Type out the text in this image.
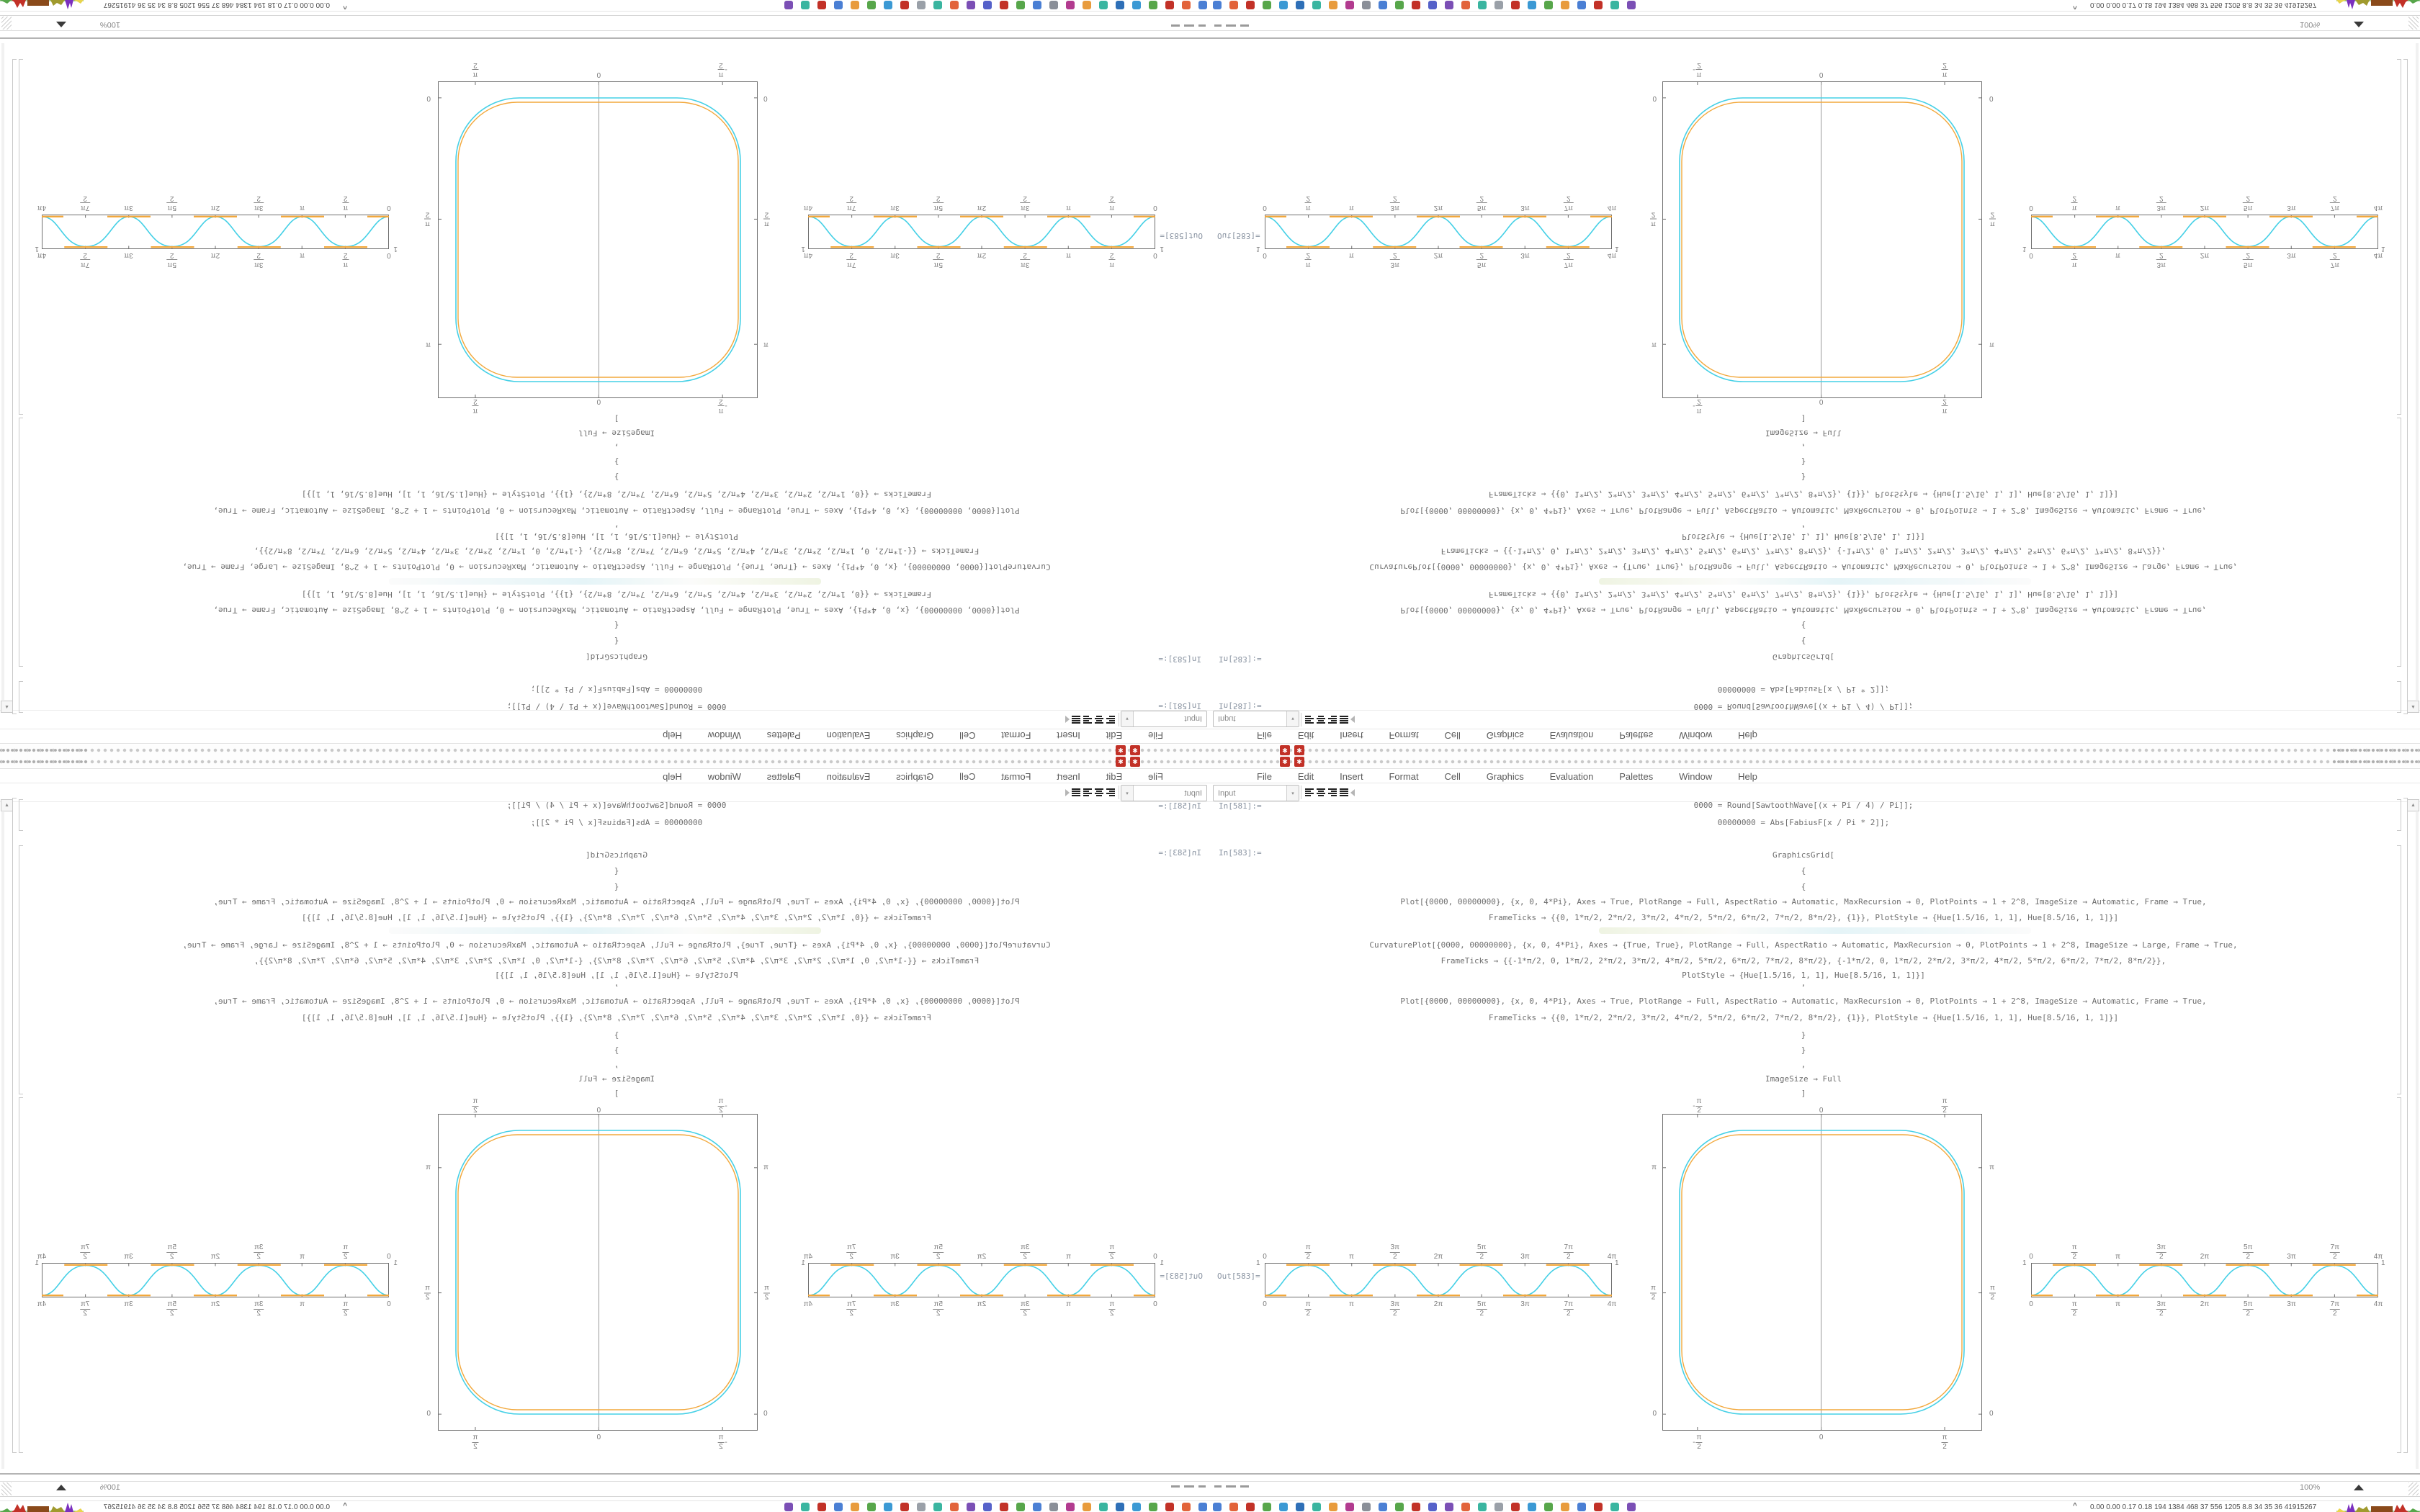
✱	✱
File	Edit	Insert	Format	Cell	Graphics	Evaluation	Palettes	Window	Help
Input	▾
In[581]:=	0000 = Round[SawtoothWave[(x + Pi / 4) / Pi]];
00000000 = Abs[FabiusF[x / Pi * 2]];
In[583]:=	GraphicsGrid[
{
{
Plot[{0000, 00000000}, {x, 0, 4*Pi}, Axes → True, PlotRange → Full, AspectRatio → Automatic, MaxRecursion → 0, PlotPoints → 1 + 2^8, ImageSize → Automatic, Frame → True,
FrameTicks → {{0, 1*π/2, 2*π/2, 3*π/2, 4*π/2, 5*π/2, 6*π/2, 7*π/2, 8*π/2}, {1}}, PlotStyle → {Hue[1.5/16, 1, 1], Hue[8.5/16, 1, 1]}]
CurvaturePlot[{0000, 00000000}, {x, 0, 4*Pi}, Axes → {True, True}, PlotRange → Full, AspectRatio → Automatic, MaxRecursion → 0, PlotPoints → 1 + 2^8, ImageSize → Large, Frame → True,
FrameTicks → {{-1*π/2, 0, 1*π/2, 2*π/2, 3*π/2, 4*π/2, 5*π/2, 6*π/2, 7*π/2, 8*π/2}, {-1*π/2, 0, 1*π/2, 2*π/2, 3*π/2, 4*π/2, 5*π/2, 6*π/2, 7*π/2, 8*π/2}},
PlotStyle → {Hue[1.5/16, 1, 1], Hue[8.5/16, 1, 1]}]
,
Plot[{0000, 00000000}, {x, 0, 4*Pi}, Axes → True, PlotRange → Full, AspectRatio → Automatic, MaxRecursion → 0, PlotPoints → 1 + 2^8, ImageSize → Automatic, Frame → True,
FrameTicks → {{0, 1*π/2, 2*π/2, 3*π/2, 4*π/2, 5*π/2, 6*π/2, 7*π/2, 8*π/2}, {1}}, PlotStyle → {Hue[1.5/16, 1, 1], Hue[8.5/16, 1, 1]}]
}
}
,
ImageSize → Full
]
▲
Out[583]=
0	$\frac{\pi}{2}$	π	$\frac{3\pi}{2}$	2π	$\frac{5\pi}{2}$	3π	$\frac{7\pi}{2}$	4π
0	$\frac{\pi}{2}$	π	$\frac{3\pi}{2}$	2π	$\frac{5\pi}{2}$	3π	$\frac{7\pi}{2}$	4π
1	1
- $\frac{\pi}{2}$	0	$\frac{\pi}{2}$
- $\frac{\pi}{2}$	0	$\frac{\pi}{2}$
π
$\frac{\pi}{2}$
0
π
$\frac{\pi}{2}$
0
0	$\frac{\pi}{2}$	π	$\frac{3\pi}{2}$	2π	$\frac{5\pi}{2}$	3π	$\frac{7\pi}{2}$	4π
0	$\frac{\pi}{2}$	π	$\frac{3\pi}{2}$	2π	$\frac{5\pi}{2}$	3π	$\frac{7\pi}{2}$	4π
1	1
100%
^ 0.00 0.00 0.17 0.18 194 1384 468 37 556 1205 8.8 34 35 36 41915267
✱	✱
File	Edit	Insert	Format	Cell	Graphics	Evaluation	Palettes	Window	Help
Input	▾
In[581]:=	0000 = Round[SawtoothWave[(x + Pi / 4) / Pi]];
00000000 = Abs[FabiusF[x / Pi * 2]];
In[583]:=	GraphicsGrid[
{
{
Plot[{0000, 00000000}, {x, 0, 4*Pi}, Axes → True, PlotRange → Full, AspectRatio → Automatic, MaxRecursion → 0, PlotPoints → 1 + 2^8, ImageSize → Automatic, Frame → True,
FrameTicks → {{0, 1*π/2, 2*π/2, 3*π/2, 4*π/2, 5*π/2, 6*π/2, 7*π/2, 8*π/2}, {1}}, PlotStyle → {Hue[1.5/16, 1, 1], Hue[8.5/16, 1, 1]}]
CurvaturePlot[{0000, 00000000}, {x, 0, 4*Pi}, Axes → {True, True}, PlotRange → Full, AspectRatio → Automatic, MaxRecursion → 0, PlotPoints → 1 + 2^8, ImageSize → Large, Frame → True,
FrameTicks → {{-1*π/2, 0, 1*π/2, 2*π/2, 3*π/2, 4*π/2, 5*π/2, 6*π/2, 7*π/2, 8*π/2}, {-1*π/2, 0, 1*π/2, 2*π/2, 3*π/2, 4*π/2, 5*π/2, 6*π/2, 7*π/2, 8*π/2}},
PlotStyle → {Hue[1.5/16, 1, 1], Hue[8.5/16, 1, 1]}]
,
Plot[{0000, 00000000}, {x, 0, 4*Pi}, Axes → True, PlotRange → Full, AspectRatio → Automatic, MaxRecursion → 0, PlotPoints → 1 + 2^8, ImageSize → Automatic, Frame → True,
FrameTicks → {{0, 1*π/2, 2*π/2, 3*π/2, 4*π/2, 5*π/2, 6*π/2, 7*π/2, 8*π/2}, {1}}, PlotStyle → {Hue[1.5/16, 1, 1], Hue[8.5/16, 1, 1]}]
}
}
,
ImageSize → Full
]
▲
Out[583]=
0
π
2	π
3π
2	2π
5π
2	3π
7π
2	4π
0	π
2
π	3π
2
2π	5π
2
3π	7π
2
4π
1	1
-
π
2	0
π
2
-
π
2
0	π
2
π
π
2
0
π
π
2
0
0
π
2	π
3π
2	2π
5π
2	3π
7π
2	4π
0	π
2
π	3π
2
2π	5π
2
3π	7π
2
4π
1	1
100%
^ 0.00 0.00 0.17 0.18 194 1384 468 37 556 1205 8.8 34 35 36 41915267
✱
✱
File
Edit
Insert
Format
Cell
Graphics
Evaluation
Palettes
Window
Help
Input
▾
In[581]:=
0000 = Round[SawtoothWave[(x + Pi / 4) / Pi]];
00000000 = Abs[FabiusF[x / Pi * 2]];
In[583]:=
GraphicsGrid[
{
{
Plot[{0000, 00000000}, {x, 0, 4*Pi}, Axes → True, PlotRange → Full, AspectRatio → Automatic, MaxRecursion → 0, PlotPoints → 1 + 2^8, ImageSize → Automatic, Frame → True,
FrameTicks → {{0, 1*π/2, 2*π/2, 3*π/2, 4*π/2, 5*π/2, 6*π/2, 7*π/2, 8*π/2}, {1}}, PlotStyle → {Hue[1.5/16, 1, 1], Hue[8.5/16, 1, 1]}]
CurvaturePlot[{0000, 00000000}, {x, 0, 4*Pi}, Axes → {True, True}, PlotRange → Full, AspectRatio → Automatic, MaxRecursion → 0, PlotPoints → 1 + 2^8, ImageSize → Large, Frame → True,
FrameTicks → {{-1*π/2, 0, 1*π/2, 2*π/2, 3*π/2, 4*π/2, 5*π/2, 6*π/2, 7*π/2, 8*π/2}, {-1*π/2, 0, 1*π/2, 2*π/2, 3*π/2, 4*π/2, 5*π/2, 6*π/2, 7*π/2, 8*π/2}},
PlotStyle → {Hue[1.5/16, 1, 1], Hue[8.5/16, 1, 1]}]
,
Plot[{0000, 00000000}, {x, 0, 4*Pi}, Axes → True, PlotRange → Full, AspectRatio → Automatic, MaxRecursion → 0, PlotPoints → 1 + 2^8, ImageSize → Automatic, Frame → True,
FrameTicks → {{0, 1*π/2, 2*π/2, 3*π/2, 4*π/2, 5*π/2, 6*π/2, 7*π/2, 8*π/2}, {1}}, PlotStyle → {Hue[1.5/16, 1, 1], Hue[8.5/16, 1, 1]}]
}
}
,
ImageSize → Full
]
▲
Out[583]=
0
π
2
π
3π
2
2π
5π
2
3π
7π
2
4π
0
π
2
π
3π
2
2π
5π
2
3π
7π
2
4π
1
1
-
π
2
0
π
2
-
π
2
0
π
2
π
π
2
0
π
π
2
0
0
π
2
π
3π
2
2π
5π
2
3π
7π
2
4π
0
π
2
π
3π
2
2π
5π
2
3π
7π
2
4π
1
1
100%
^
0.00 0.00 0.17 0.18 194 1384 468 37 556 1205 8.8 34 35 36 41915267
✱
✱
File
Edit
Insert
Format
Cell
Graphics
Evaluation
Palettes
Window
Help
Input
▾
In[581]:=
0000 = Round[SawtoothWave[(x + Pi / 4) / Pi]];
00000000 = Abs[FabiusF[x / Pi * 2]];
In[583]:=
GraphicsGrid[
{
{
Plot[{0000, 00000000}, {x, 0, 4*Pi}, Axes → True, PlotRange → Full, AspectRatio → Automatic, MaxRecursion → 0, PlotPoints → 1 + 2^8, ImageSize → Automatic, Frame → True,
FrameTicks → {{0, 1*π/2, 2*π/2, 3*π/2, 4*π/2, 5*π/2, 6*π/2, 7*π/2, 8*π/2}, {1}}, PlotStyle → {Hue[1.5/16, 1, 1], Hue[8.5/16, 1, 1]}]
CurvaturePlot[{0000, 00000000}, {x, 0, 4*Pi}, Axes → {True, True}, PlotRange → Full, AspectRatio → Automatic, MaxRecursion → 0, PlotPoints → 1 + 2^8, ImageSize → Large, Frame → True,
FrameTicks → {{-1*π/2, 0, 1*π/2, 2*π/2, 3*π/2, 4*π/2, 5*π/2, 6*π/2, 7*π/2, 8*π/2}, {-1*π/2, 0, 1*π/2, 2*π/2, 3*π/2, 4*π/2, 5*π/2, 6*π/2, 7*π/2, 8*π/2}},
PlotStyle → {Hue[1.5/16, 1, 1], Hue[8.5/16, 1, 1]}]
,
Plot[{0000, 00000000}, {x, 0, 4*Pi}, Axes → True, PlotRange → Full, AspectRatio → Automatic, MaxRecursion → 0, PlotPoints → 1 + 2^8, ImageSize → Automatic, Frame → True,
FrameTicks → {{0, 1*π/2, 2*π/2, 3*π/2, 4*π/2, 5*π/2, 6*π/2, 7*π/2, 8*π/2}, {1}}, PlotStyle → {Hue[1.5/16, 1, 1], Hue[8.5/16, 1, 1]}]
}
}
,
ImageSize → Full
]
▲
Out[583]=
0
$\frac{\pi}{2}$
π
$\frac{3\pi}{2}$
2π
$\frac{5\pi}{2}$
3π
$\frac{7\pi}{2}$
4π
0
$\frac{\pi}{2}$
π
$\frac{3\pi}{2}$
2π
$\frac{5\pi}{2}$
3π
$\frac{7\pi}{2}$
4π
1
1
-
$\frac{\pi}{2}$
0
$\frac{\pi}{2}$
-
$\frac{\pi}{2}$
0
$\frac{\pi}{2}$
π
$\frac{\pi}{2}$
0
π
$\frac{\pi}{2}$
0
0
$\frac{\pi}{2}$
π
$\frac{3\pi}{2}$
2π
$\frac{5\pi}{2}$
3π
$\frac{7\pi}{2}$
4π
0
$\frac{\pi}{2}$
π
$\frac{3\pi}{2}$
2π
$\frac{5\pi}{2}$
3π
$\frac{7\pi}{2}$
4π
1
1
100%
^
0.00 0.00 0.17 0.18 194 1384 468 37 556 1205 8.8 34 35 36 41915267
